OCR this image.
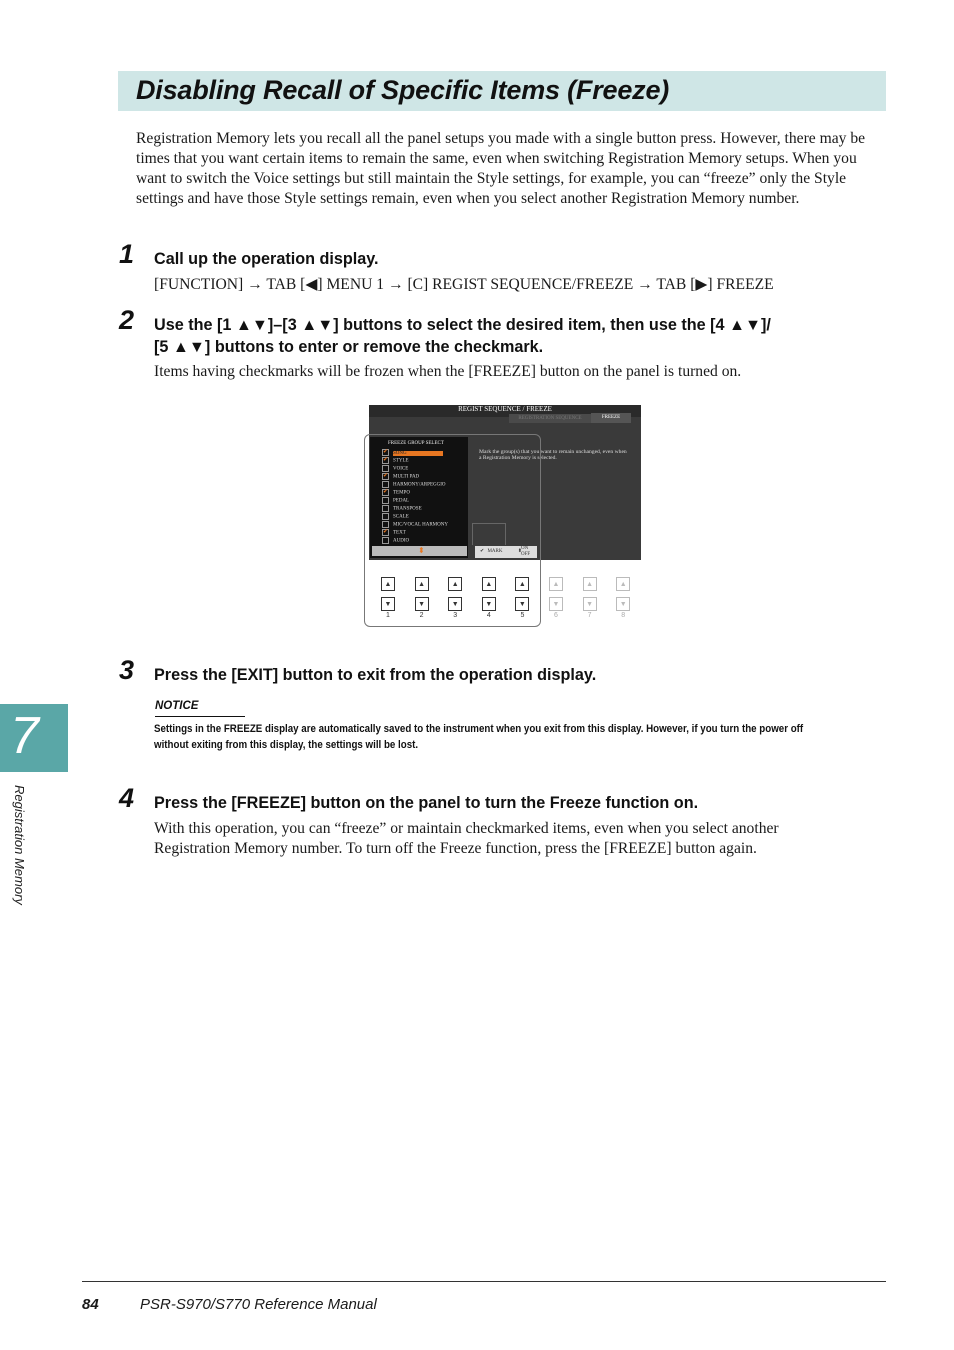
Disabling Recall of Specific Items (Freeze)
Registration Memory lets you recall all the panel setups you made with a single button press. However, there may be times that you want certain items to remain the same, even when switching Registration Memory setups. When you want to switch the Voice settings but still maintain the Style settings, for example, you can “freeze” only the Style settings and have those Style settings remain, even when you select another Registration Memory number.
1 Call up the operation display.
[FUNCTION] → TAB [◀] MENU 1 → [C] REGIST SEQUENCE/FREEZE → TAB [▶] FREEZE
2 Use the [1 ▲▼]–[3 ▲▼] buttons to select the desired item, then use the [4 ▲▼]/
[5 ▲▼] buttons to enter or remove the checkmark.
Items having checkmarks will be frozen when the [FREEZE] button on the panel is turned on.
REGIST SEQUENCE / FREEZE
REGISTRATION SEQUENCE	FREEZE
Mark the group(s) that you want to remain unchanged, even when a Registration Memory is selected.
FREEZE GROUP SELECT
✔ SONG
✔ STYLE
VOICE
✔ MULTI PAD
HARMONY/ARPEGGIO
✔ TEMPO
PEDAL
TRANSPOSE
SCALE
MIC/VOCAL HARMONY
✔ TEXT
AUDIO
⬍	✔ MARK	⬍
ON
OFF
▲
▼
1
▲
▼
2
▲
▼
3
▲
▼
4
▲
▼
5
▲
▼
6
▲
▼
7
▲
▼
8
3 Press the [EXIT] button to exit from the operation display.
NOTICE
Settings in the FREEZE display are automatically saved to the instrument when you exit from this display. However, if you turn the power off without exiting from this display, the settings will be lost.
4 Press the [FREEZE] button on the panel to turn the Freeze function on.
With this operation, you can “freeze” or maintain checkmarked items, even when you select another
Registration Memory number. To turn off the Freeze function, press the [FREEZE] button again.
7
Registration Memory
84	PSR-S970/S770 Reference Manual
